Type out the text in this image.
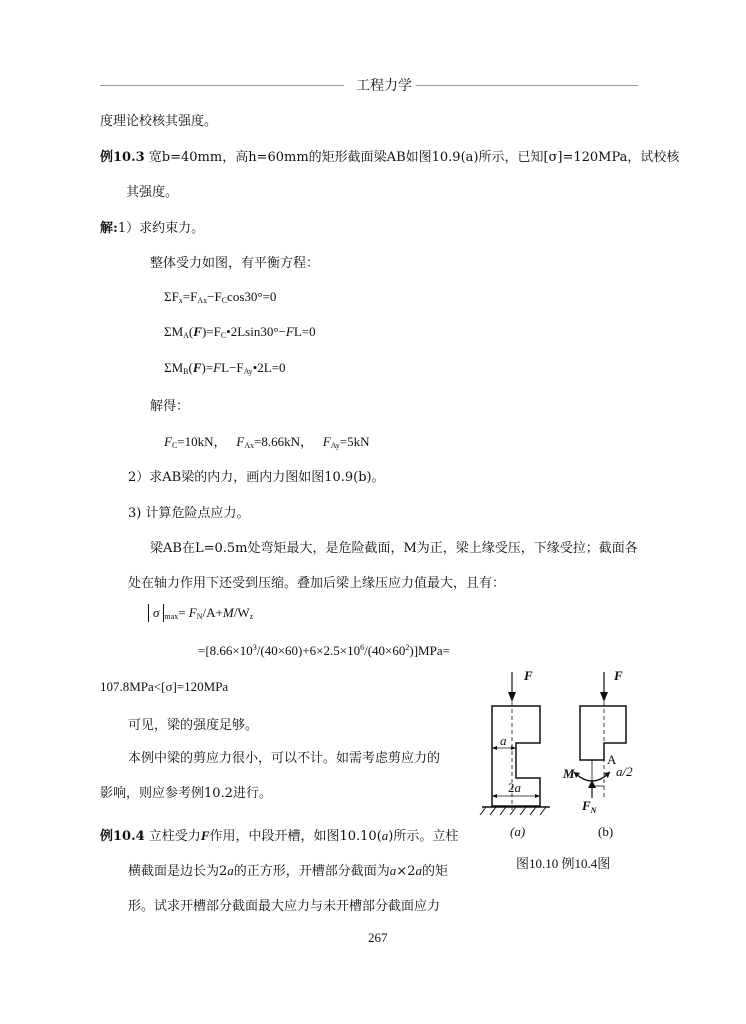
工程力学
度理论校核其强度。
例10.3 宽b=40mm，高h=60mm的矩形截面梁AB如图10.9(a)所示，已知[σ]=120MPa，试校核
其强度。
解:1）求约束力。
整体受力如图，有平衡方程：
$\Sigma F_x=F_{Ax}-F_C\cos 30^\circ=0$
$\Sigma M_A(F)=F_C•2Lsin30^\circ-FL=0$
$\Sigma M_B(F)=FL-F_{Ay}•2L=0$
解得：
$F_C=10kN$，   $F_{Ax}=8.66kN$，   $F_{Ay}=5kN$
2）求AB梁的内力，画内力图如图10.9(b)。
3) 计算危险点应力。
梁AB在L=0.5m处弯矩最大，是危险截面，M为正，梁上缘受压，下缘受拉；截面各
处在轴力作用下还受到压缩。叠加后梁上缘压应力值最大，且有：
σ $_{max}= F_N/A+M/W_z$
$=[8.66\times 10^3/(40\times 60)+6\times 2.5\times 10^6/(40\times 60^2)]MPa=$
107.8MPa<[σ]=120MPa
可见，梁的强度足够。
本例中梁的剪应力很小，可以不计。如需考虑剪应力的
影响，则应参考例10.2进行。
例10.4 立柱受力F作用，中段开槽，如图10.10(a)所示。立柱
横截面是边长为2a的正方形，开槽部分截面为a×2a的矩
形。试求开槽部分截面最大应力与未开槽部分截面应力
F
a
2a
(a)
F
M
A
a/2
$F_N$
(b)
图10.10 例10.4图
267
